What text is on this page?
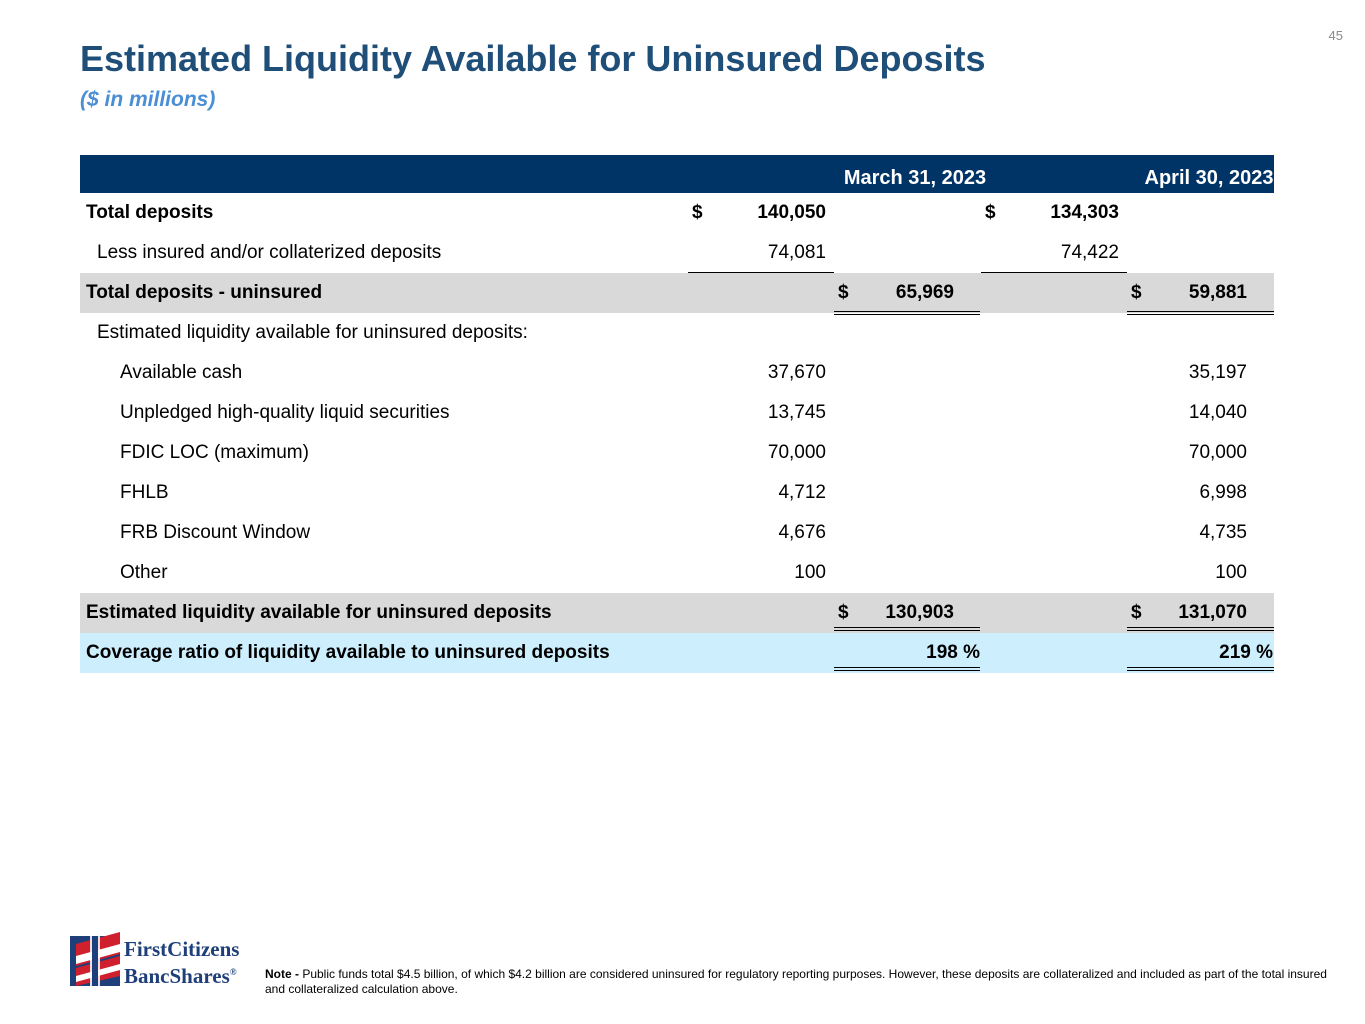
45
Estimated Liquidity Available for Uninsured Deposits

($ in millions)

March 31, 2023	April 30, 2023
Total deposits	$	140,050	$	134,303
Less insured and/or collaterized deposits	74,081	74,422
Total deposits - uninsured	$ 65,969	$ 59,881
Estimated liquidity available for uninsured deposits:
Available cash	37,670	35,197
Unpledged high-quality liquid securities	13,745	14,040
FDIC LOC (maximum)	70,000	70,000
FHLB	4,712	6,998
FRB Discount Window	4,676	4,735
Other	100	100
Estimated liquidity available for uninsured deposits	$ 130,903	$ 131,070
Coverage ratio of liquidity available to uninsured deposits	198 %	219 %
FirstCitizens
BancShares® Note - Public funds total $4.5 billion, of which $4.2 billion are considered uninsured for regulatory reporting purposes. However, these deposits are collateralized and included as part of the total insured and collateralized calculation above.
